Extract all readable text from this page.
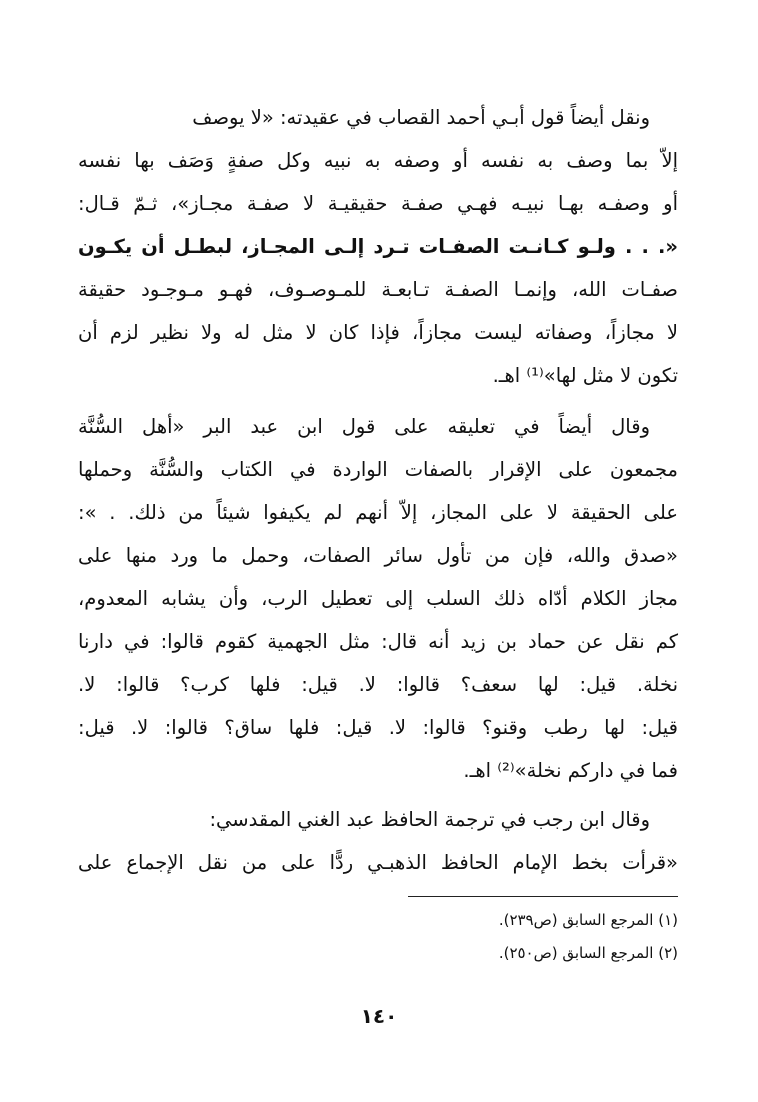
ونقل أيضاً قول أبـي أحمد القصاب في عقيدته: «لا يوصف
إلاّ بما وصف به نفسه أو وصفه به نبيه وكل صفةٍ وَصَف بها نفسه
أو وصفـه بهـا نبيـه فهـي صفـة حقيقيـة لا صفـة مجـاز»، ثـمّ قـال:
«. . . ولـو كـانـت الصفـات تـرد إلـى المجـاز، لبطـل أن يكـون
صفـات الله، وإنمـا الصفـة تـابعـة للمـوصـوف، فهـو مـوجـود حقيقة
لا مجازاً، وصفاته ليست مجازاً، فإذا كان لا مثل له ولا نظير لزم أن
تكون لا مثل لها»⁽¹⁾ اهـ.
وقال أيضاً في تعليقه على قول ابن عبد البر «أهل السُّنَّة
مجمعون على الإقرار بالصفات الواردة في الكتاب والسُّنَّة وحملها
على الحقيقة لا على المجاز، إلاّ أنهم لم يكيفوا شيئاً من ذلك. . »:
«صدق والله، فإن من تأول سائر الصفات، وحمل ما ورد منها على
مجاز الكلام أدّاه ذلك السلب إلى تعطيل الرب، وأن يشابه المعدوم،
كم نقل عن حماد بن زيد أنه قال: مثل الجهمية كقوم قالوا: في دارنا
نخلة. قيل: لها سعف؟ قالوا: لا. قيل: فلها كرب؟ قالوا: لا.
قيل: لها رطب وقنو؟ قالوا: لا. قيل: فلها ساق؟ قالوا: لا. قيل:
فما في داركم نخلة»⁽²⁾ اهـ.
وقال ابن رجب في ترجمة الحافظ عبد الغني المقدسي:
«قرأت بخط الإمام الحافظ الذهبـي ردًّا على من نقل الإجماع على
(١) المرجع السابق (ص٢٣٩).
(٢) المرجع السابق (ص٢٥٠).
١٤٠
